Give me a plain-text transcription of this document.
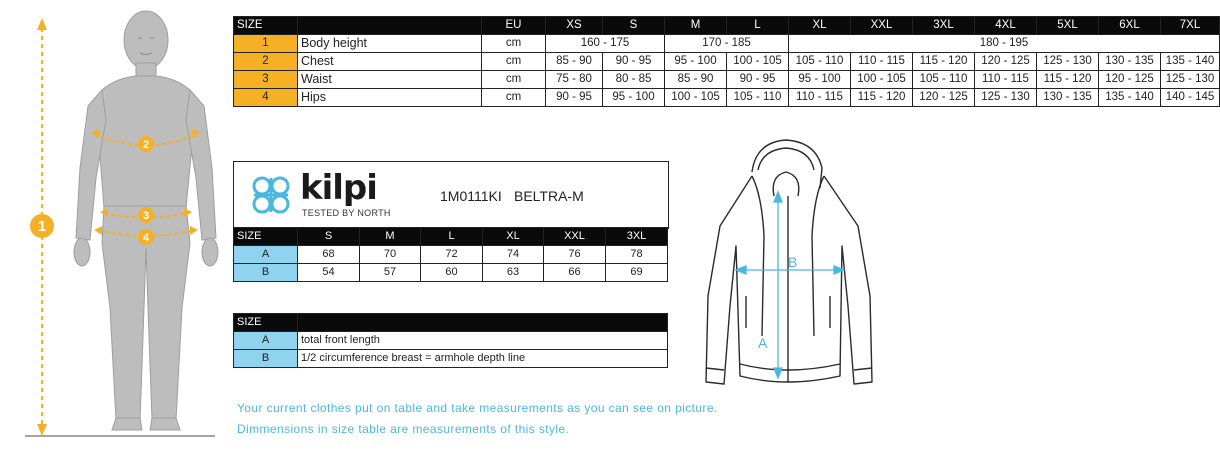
1
2
3
4
SIZE		EU	XS	S	M	L	XL	XXL	3XL	4XL	5XL	6XL	7XL
1	Body height	cm	160 - 175		170 - 185		180 - 195						
2	Chest	cm	85 - 90	90 - 95	95 - 100	100 - 105	105 - 110	110 - 115	115 - 120	120 - 125	125 - 130	130 - 135	135 - 140
3	Waist	cm	75 - 80	80 - 85	85 - 90	90 - 95	95 - 100	100 - 105	105 - 110	110 - 115	115 - 120	120 - 125	125 - 130
4	Hips	cm	90 - 95	95 - 100	100 - 105	105 - 110	110 - 115	115 - 120	120 - 125	125 - 130	130 - 135	135 - 140	140 - 145
kilpi
TESTED BY NORTH
1M0111KI BELTRA-M
SIZE	S	M	L	XL	XXL	3XL
A	68	70	72	74	76	78
B	54	57	60	63	66	69
SIZE	
A	total front length
B	1/2 circumference breast = armhole depth line
A
B
Your current clothes put on table and take measurements as you can see on picture.
Dimmensions in size table are measurements of this style.
